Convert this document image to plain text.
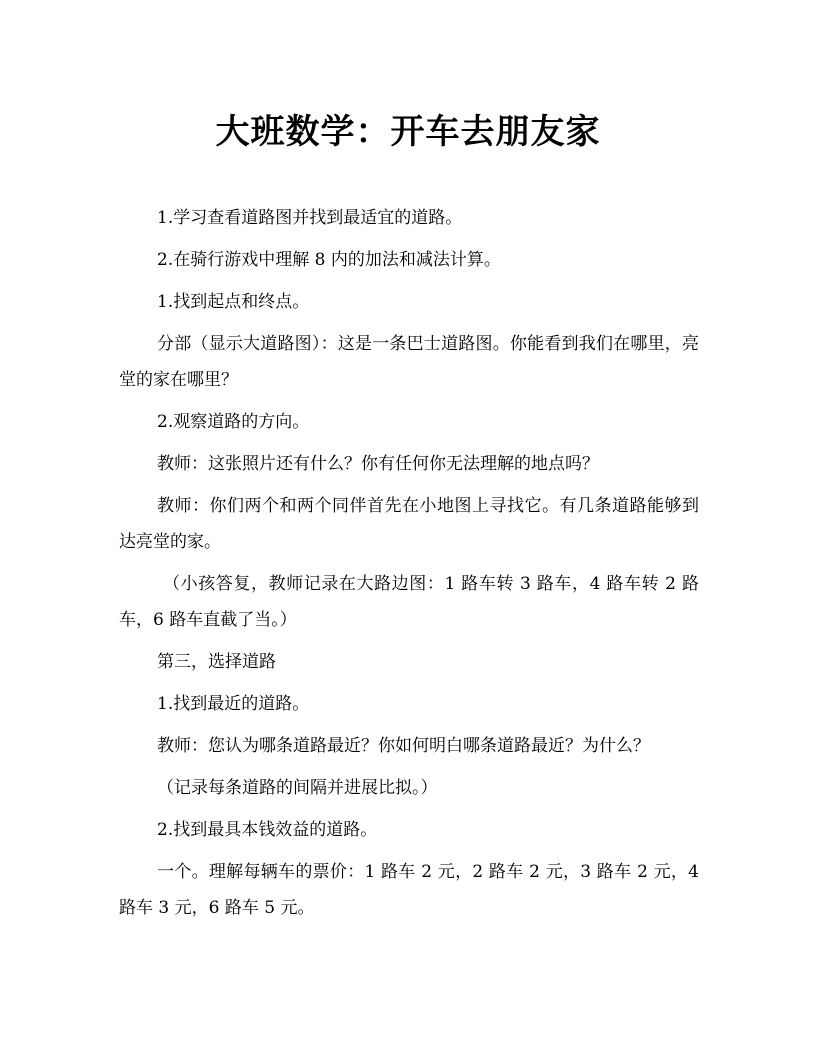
大班数学：开车去朋友家

1.学习查看道路图并找到最适宜的道路。

2.在骑行游戏中理解 8 内的加法和减法计算。

1.找到起点和终点。

分部（显示大道路图）：这是一条巴士道路图。你能看到我们在哪里，亮堂的家在哪里？

2.观察道路的方向。

教师：这张照片还有什么？你有任何你无法理解的地点吗？

教师：你们两个和两个同伴首先在小地图上寻找它。有几条道路能够到达亮堂的家。

（小孩答复，教师记录在大路边图：1 路车转 3 路车，4 路车转 2 路车，6 路车直截了当。）

第三，选择道路

1.找到最近的道路。

教师：您认为哪条道路最近？你如何明白哪条道路最近？为什么？

（记录每条道路的间隔并进展比拟。）

2.找到最具本钱效益的道路。

一个。理解每辆车的票价：1 路车 2 元，2 路车 2 元，3 路车 2 元，4 路车 3 元，6 路车 5 元。
